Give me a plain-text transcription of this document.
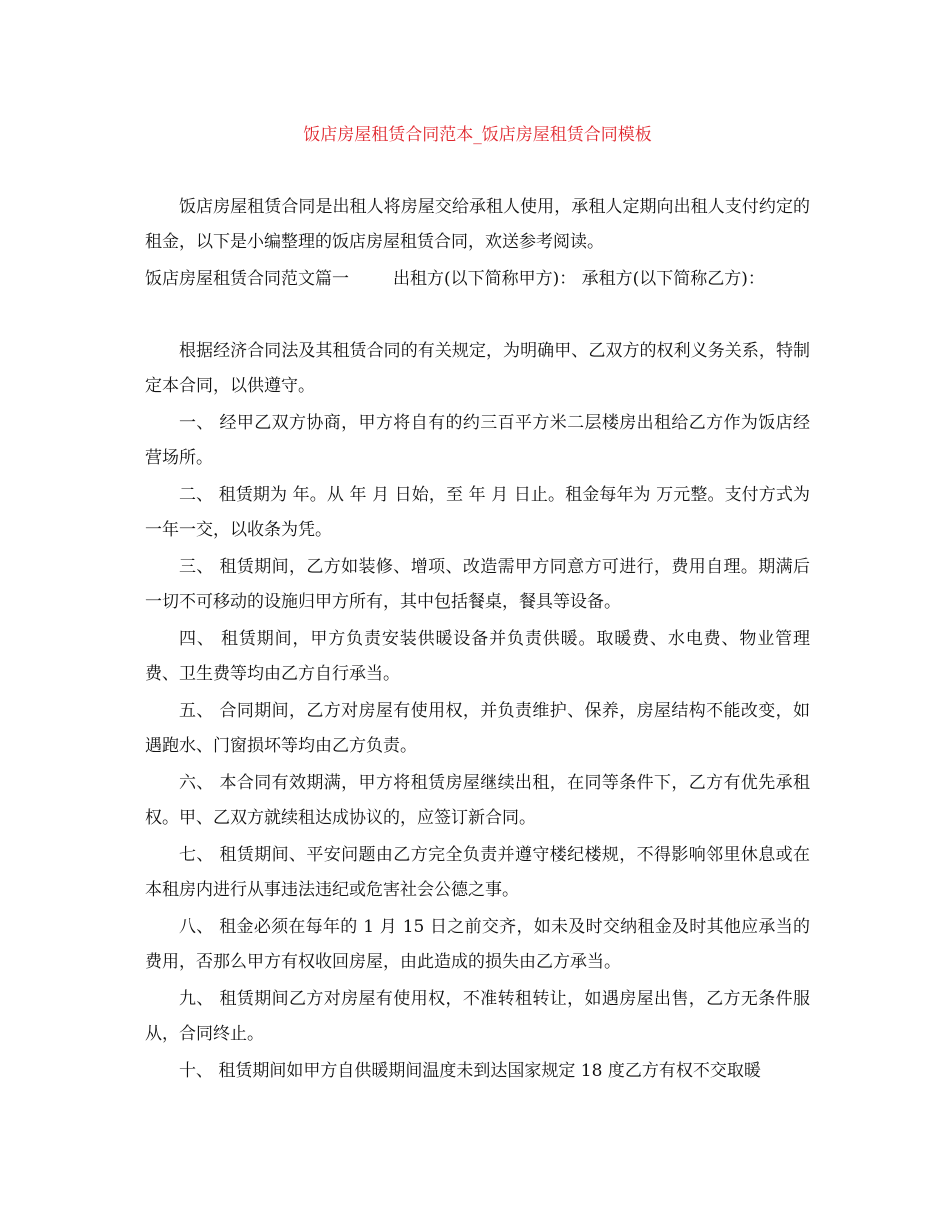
饭店房屋租赁合同范本_饭店房屋租赁合同模板

饭店房屋租赁合同是出租人将房屋交给承租人使用，承租人定期向出租人支付约定的租金，以下是小编整理的饭店房屋租赁合同，欢送参考阅读。

饭店房屋租赁合同范文篇一	出租方(以下简称甲方)： 承租方(以下简称乙方)：

根据经济合同法及其租赁合同的有关规定，为明确甲、乙双方的权利义务关系，特制定本合同，以供遵守。

一、 经甲乙双方协商，甲方将自有的约三百平方米二层楼房出租给乙方作为饭店经营场所。

二、 租赁期为 年。从 年 月 日始，至 年 月 日止。租金每年为 万元整。支付方式为一年一交，以收条为凭。

三、 租赁期间，乙方如装修、增项、改造需甲方同意方可进行，费用自理。期满后一切不可移动的设施归甲方所有，其中包括餐桌，餐具等设备。

四、 租赁期间，甲方负责安装供暖设备并负责供暖。取暖费、水电费、物业管理费、卫生费等均由乙方自行承当。

五、 合同期间，乙方对房屋有使用权，并负责维护、保养，房屋结构不能改变，如遇跑水、门窗损坏等均由乙方负责。

六、 本合同有效期满，甲方将租赁房屋继续出租，在同等条件下，乙方有优先承租权。甲、乙双方就续租达成协议的，应签订新合同。

七、 租赁期间、平安问题由乙方完全负责并遵守楼纪楼规，不得影响邻里休息或在本租房内进行从事违法违纪或危害社会公德之事。

八、 租金必须在每年的 1 月 15 日之前交齐，如未及时交纳租金及时其他应承当的费用，否那么甲方有权收回房屋，由此造成的损失由乙方承当。

九、 租赁期间乙方对房屋有使用权，不准转租转让，如遇房屋出售，乙方无条件服从，合同终止。

十、 租赁期间如甲方自供暖期间温度未到达国家规定 18 度乙方有权不交取暖
